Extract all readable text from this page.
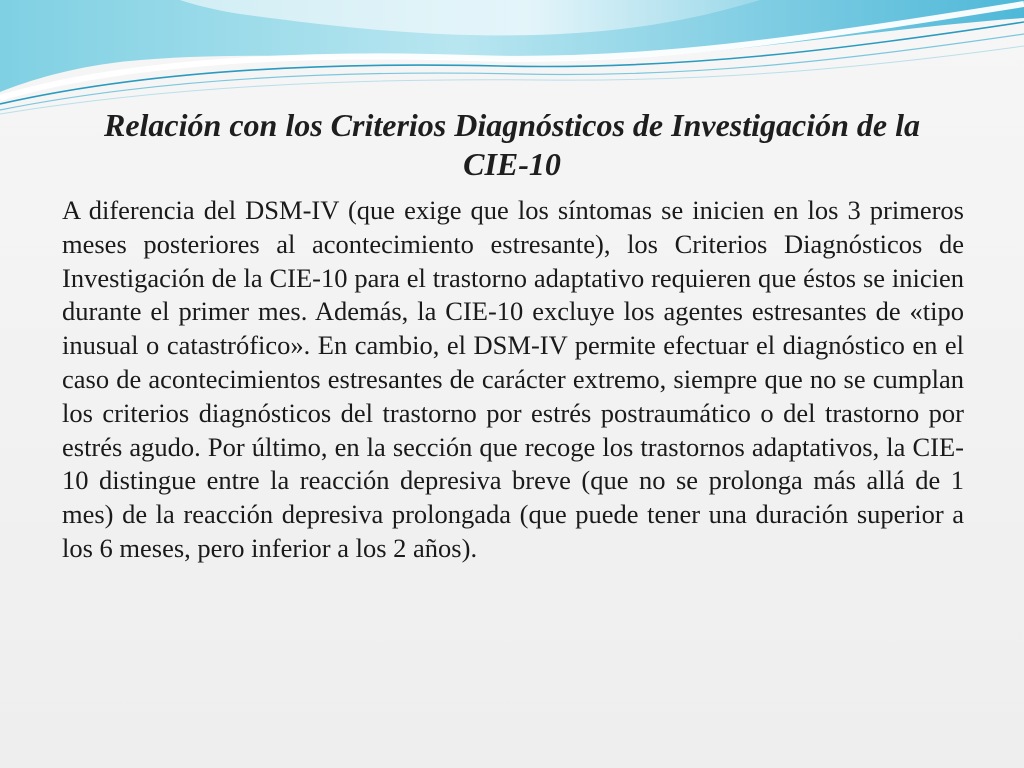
Relación con los Criterios Diagnósticos de Investigación de la CIE-10

A diferencia del DSM-IV (que exige que los síntomas se inicien en los 3 primeros meses posteriores al acontecimiento estresante), los Criterios Diagnósticos de Investigación de la CIE-10 para el trastorno adaptativo requieren que éstos se inicien durante el primer mes. Además, la CIE-10 excluye los agentes estresantes de «tipo inusual o catastrófico». En cambio, el DSM-IV permite efectuar el diagnóstico en el caso de acontecimientos estresantes de carácter extremo, siempre que no se cumplan los criterios diagnósticos del trastorno por estrés postraumático o del trastorno por estrés agudo. Por último, en la sección que recoge los trastornos adaptativos, la CIE-10 distingue entre la reacción depresiva breve (que no se prolonga más allá de 1 mes) de la reacción depresiva prolongada (que puede tener una duración superior a los 6 meses, pero inferior a los 2 años).
